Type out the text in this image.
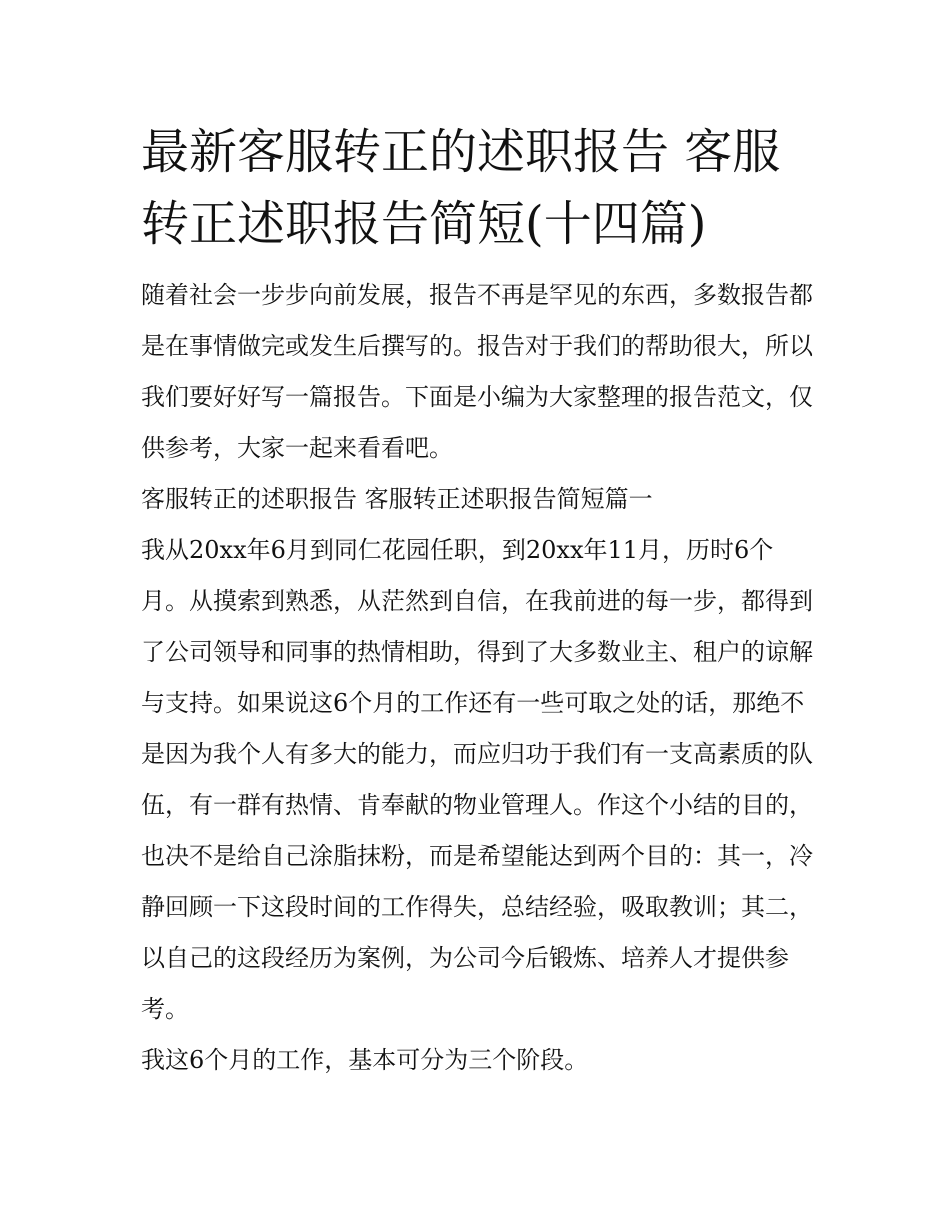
最新客服转正的述职报告 客服转正述职报告简短(十四篇)

随着社会一步步向前发展，报告不再是罕见的东西，多数报告都是在事情做完或发生后撰写的。报告对于我们的帮助很大，所以我们要好好写一篇报告。下面是小编为大家整理的报告范文，仅供参考，大家一起来看看吧。

客服转正的述职报告 客服转正述职报告简短篇一

我从20xx年6月到同仁花园任职，到20xx年11月，历时6个月。从摸索到熟悉，从茫然到自信，在我前进的每一步，都得到了公司领导和同事的热情相助，得到了大多数业主、租户的谅解与支持。如果说这6个月的工作还有一些可取之处的话，那绝不是因为我个人有多大的能力，而应归功于我们有一支高素质的队伍，有一群有热情、肯奉献的物业管理人。作这个小结的目的，也决不是给自己涂脂抹粉，而是希望能达到两个目的：其一，冷静回顾一下这段时间的工作得失，总结经验，吸取教训；其二，以自己的这段经历为案例，为公司今后锻炼、培养人才提供参考。

我这6个月的工作，基本可分为三个阶段。
